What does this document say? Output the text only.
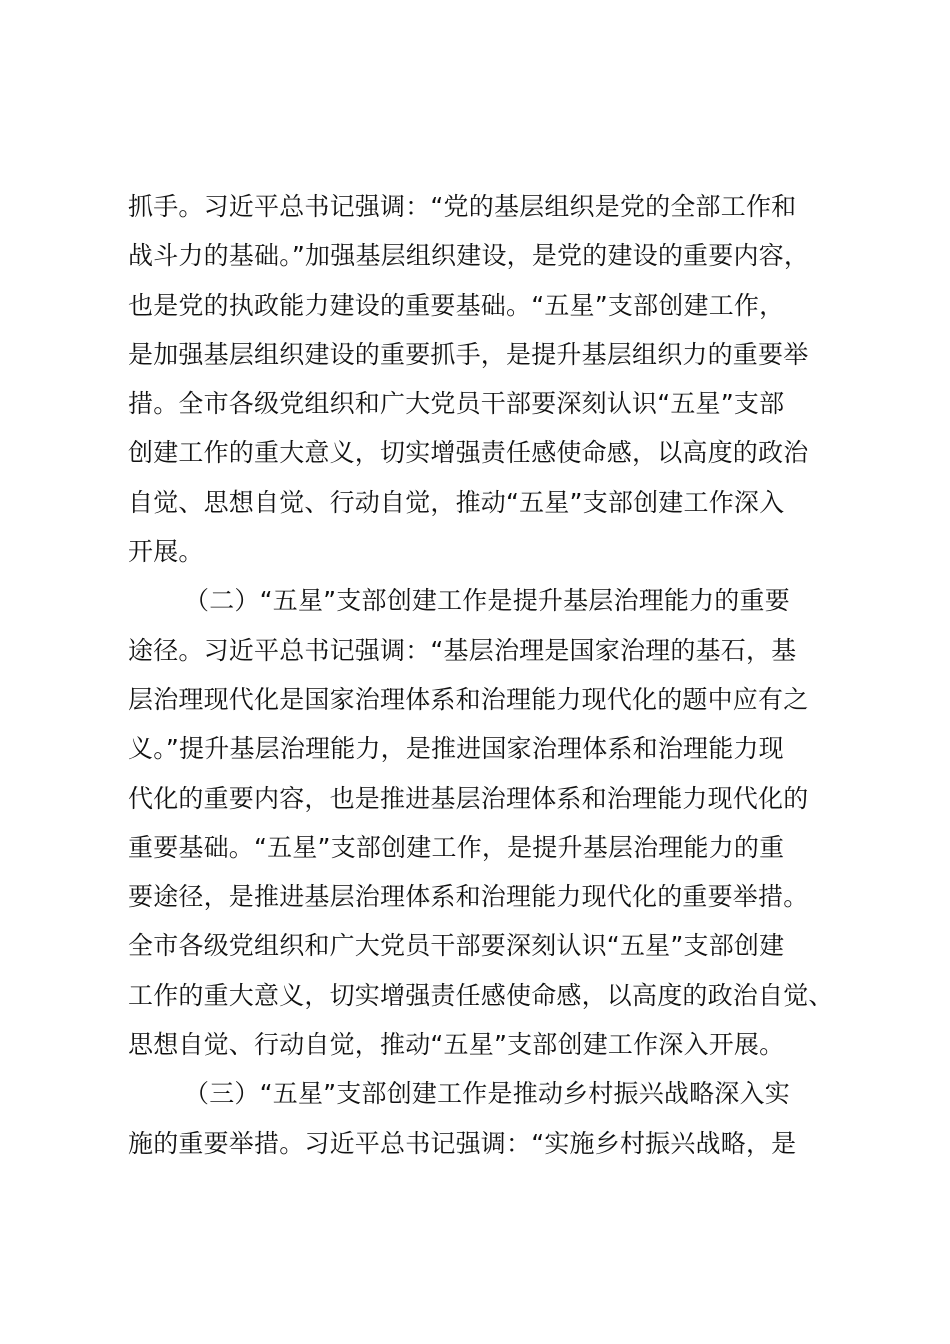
抓手。习近平总书记强调：“党的基层组织是党的全部工作和
战斗力的基础。”加强基层组织建设，是党的建设的重要内容，
也是党的执政能力建设的重要基础。“五星”支部创建工作，
是加强基层组织建设的重要抓手，是提升基层组织力的重要举
措。全市各级党组织和广大党员干部要深刻认识“五星”支部
创建工作的重大意义，切实增强责任感使命感，以高度的政治
自觉、思想自觉、行动自觉，推动“五星”支部创建工作深入
开展。
（二）“五星”支部创建工作是提升基层治理能力的重要
途径。习近平总书记强调：“基层治理是国家治理的基石，基
层治理现代化是国家治理体系和治理能力现代化的题中应有之
义。”提升基层治理能力，是推进国家治理体系和治理能力现
代化的重要内容，也是推进基层治理体系和治理能力现代化的
重要基础。“五星”支部创建工作，是提升基层治理能力的重
要途径，是推进基层治理体系和治理能力现代化的重要举措。
全市各级党组织和广大党员干部要深刻认识“五星”支部创建
工作的重大意义，切实增强责任感使命感，以高度的政治自觉、
思想自觉、行动自觉，推动“五星”支部创建工作深入开展。
（三）“五星”支部创建工作是推动乡村振兴战略深入实
施的重要举措。习近平总书记强调：“实施乡村振兴战略，是
